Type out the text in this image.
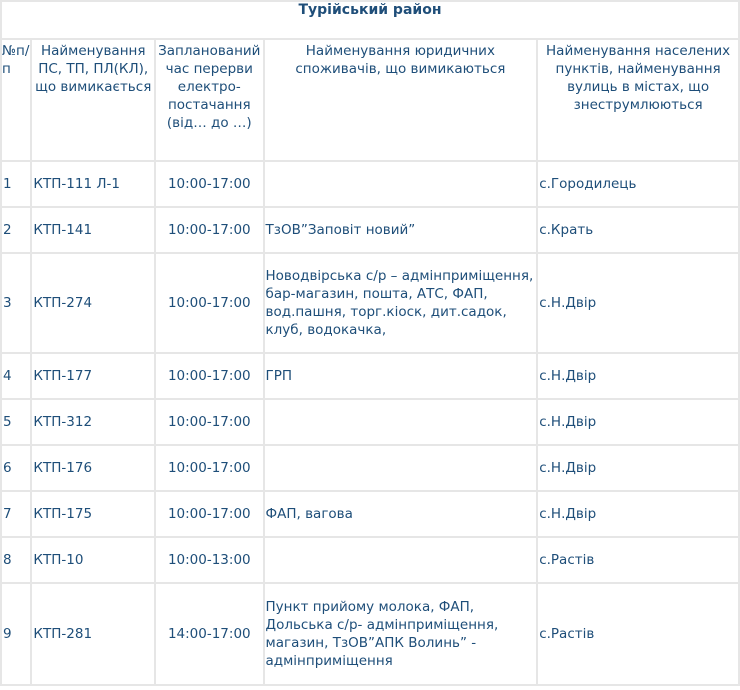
Турійський район				
№п/п	Найменування ПС, ТП, ПЛ(КЛ), що вимикається	Запланований час перерви електро-постачання (від… до …)	Найменування юридичних споживачів, що вимикаються	Найменування населених пунктів, найменування вулиць в містах, що знеструмлюються
1	КТП-111 Л-1	10:00-17:00		с.Городилець
2	КТП-141	10:00-17:00	ТзОВ”Заповіт новий”	с.Крать
3	КТП-274	10:00-17:00	Новодвірська с/р – адмінприміщення, бар-магазин, пошта, АТС, ФАП, вод.пашня, торг.кіоск, дит.садок, клуб, водокачка,	с.Н.Двір
4	КТП-177	10:00-17:00	ГРП	с.Н.Двір
5	КТП-312	10:00-17:00		с.Н.Двір
6	КТП-176	10:00-17:00		с.Н.Двір
7	КТП-175	10:00-17:00	ФАП, вагова	с.Н.Двір
8	КТП-10	10:00-13:00		с.Растів
9	КТП-281	14:00-17:00	Пункт прийому молока, ФАП, Дольська с/р- адмінприміщення, магазин, ТзОВ”АПК Волинь” - адмінприміщення	с.Растів
